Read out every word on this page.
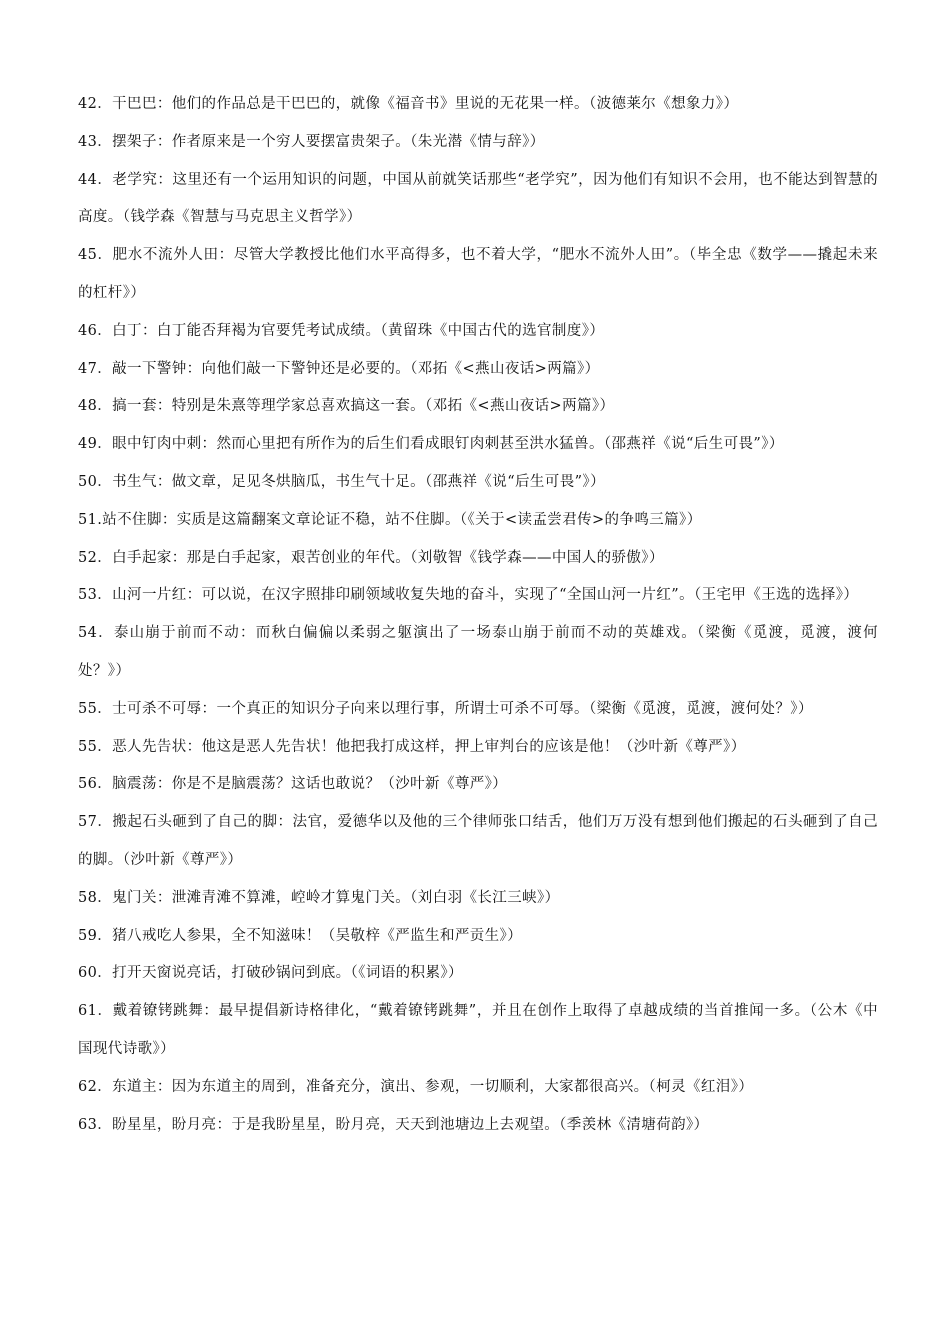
42．干巴巴：他们的作品总是干巴巴的，就像《福音书》里说的无花果一样。（波德莱尔《想象力》）

43．摆架子：作者原来是一个穷人要摆富贵架子。（朱光潜《情与辞》）

44．老学究：这里还有一个运用知识的问题，中国从前就笑话那些“老学究”，因为他们有知识不会用，也不能达到智慧的高度。（钱学森《智慧与马克思主义哲学》）

45．肥水不流外人田：尽管大学教授比他们水平高得多，也不着大学，“肥水不流外人田”。（毕全忠《数学——撬起未来的杠杆》）

46．白丁：白丁能否拜褐为官要凭考试成绩。（黄留珠《中国古代的选官制度》）

47．敲一下警钟：向他们敲一下警钟还是必要的。（邓拓《<燕山夜话>两篇》）

48．搞一套：特别是朱熹等理学家总喜欢搞这一套。（邓拓《<燕山夜话>两篇》）

49．眼中钉肉中刺：然而心里把有所作为的后生们看成眼钉肉刺甚至洪水猛兽。（邵燕祥《说“后生可畏”》）

50．书生气：做文章，足见冬烘脑瓜，书生气十足。（邵燕祥《说“后生可畏”》）

51.站不住脚：实质是这篇翻案文章论证不稳，站不住脚。（《关于<读孟尝君传>的争鸣三篇》）

52．白手起家：那是白手起家，艰苦创业的年代。（刘敬智《钱学森——中国人的骄傲》）

53．山河一片红：可以说，在汉字照排印刷领域收复失地的奋斗，实现了“全国山河一片红”。（王宅甲《王选的选择》）

54．泰山崩于前而不动：而秋白偏偏以柔弱之躯演出了一场泰山崩于前而不动的英雄戏。（梁衡《觅渡，觅渡，渡何处？》）

55．士可杀不可辱：一个真正的知识分子向来以理行事，所谓士可杀不可辱。（梁衡《觅渡，觅渡，渡何处？》）

55．恶人先告状：他这是恶人先告状！他把我打成这样，押上审判台的应该是他！（沙叶新《尊严》）

56．脑震荡：你是不是脑震荡？这话也敢说？（沙叶新《尊严》）

57．搬起石头砸到了自己的脚：法官，爱德华以及他的三个律师张口结舌，他们万万没有想到他们搬起的石头砸到了自己的脚。（沙叶新《尊严》）

58．鬼门关：泄滩青滩不算滩，崆岭才算鬼门关。（刘白羽《长江三峡》）

59．猪八戒吃人参果，全不知滋味！（吴敬梓《严监生和严贡生》）

60．打开天窗说亮话，打破砂锅问到底。（《词语的积累》）

61．戴着镣铐跳舞：最早提倡新诗格律化，“戴着镣铐跳舞”，并且在创作上取得了卓越成绩的当首推闻一多。（公木《中国现代诗歌》）

62．东道主：因为东道主的周到，准备充分，演出、参观，一切顺利，大家都很高兴。（柯灵《红泪》）

63．盼星星，盼月亮：于是我盼星星，盼月亮，天天到池塘边上去观望。（季羡林《清塘荷韵》）
